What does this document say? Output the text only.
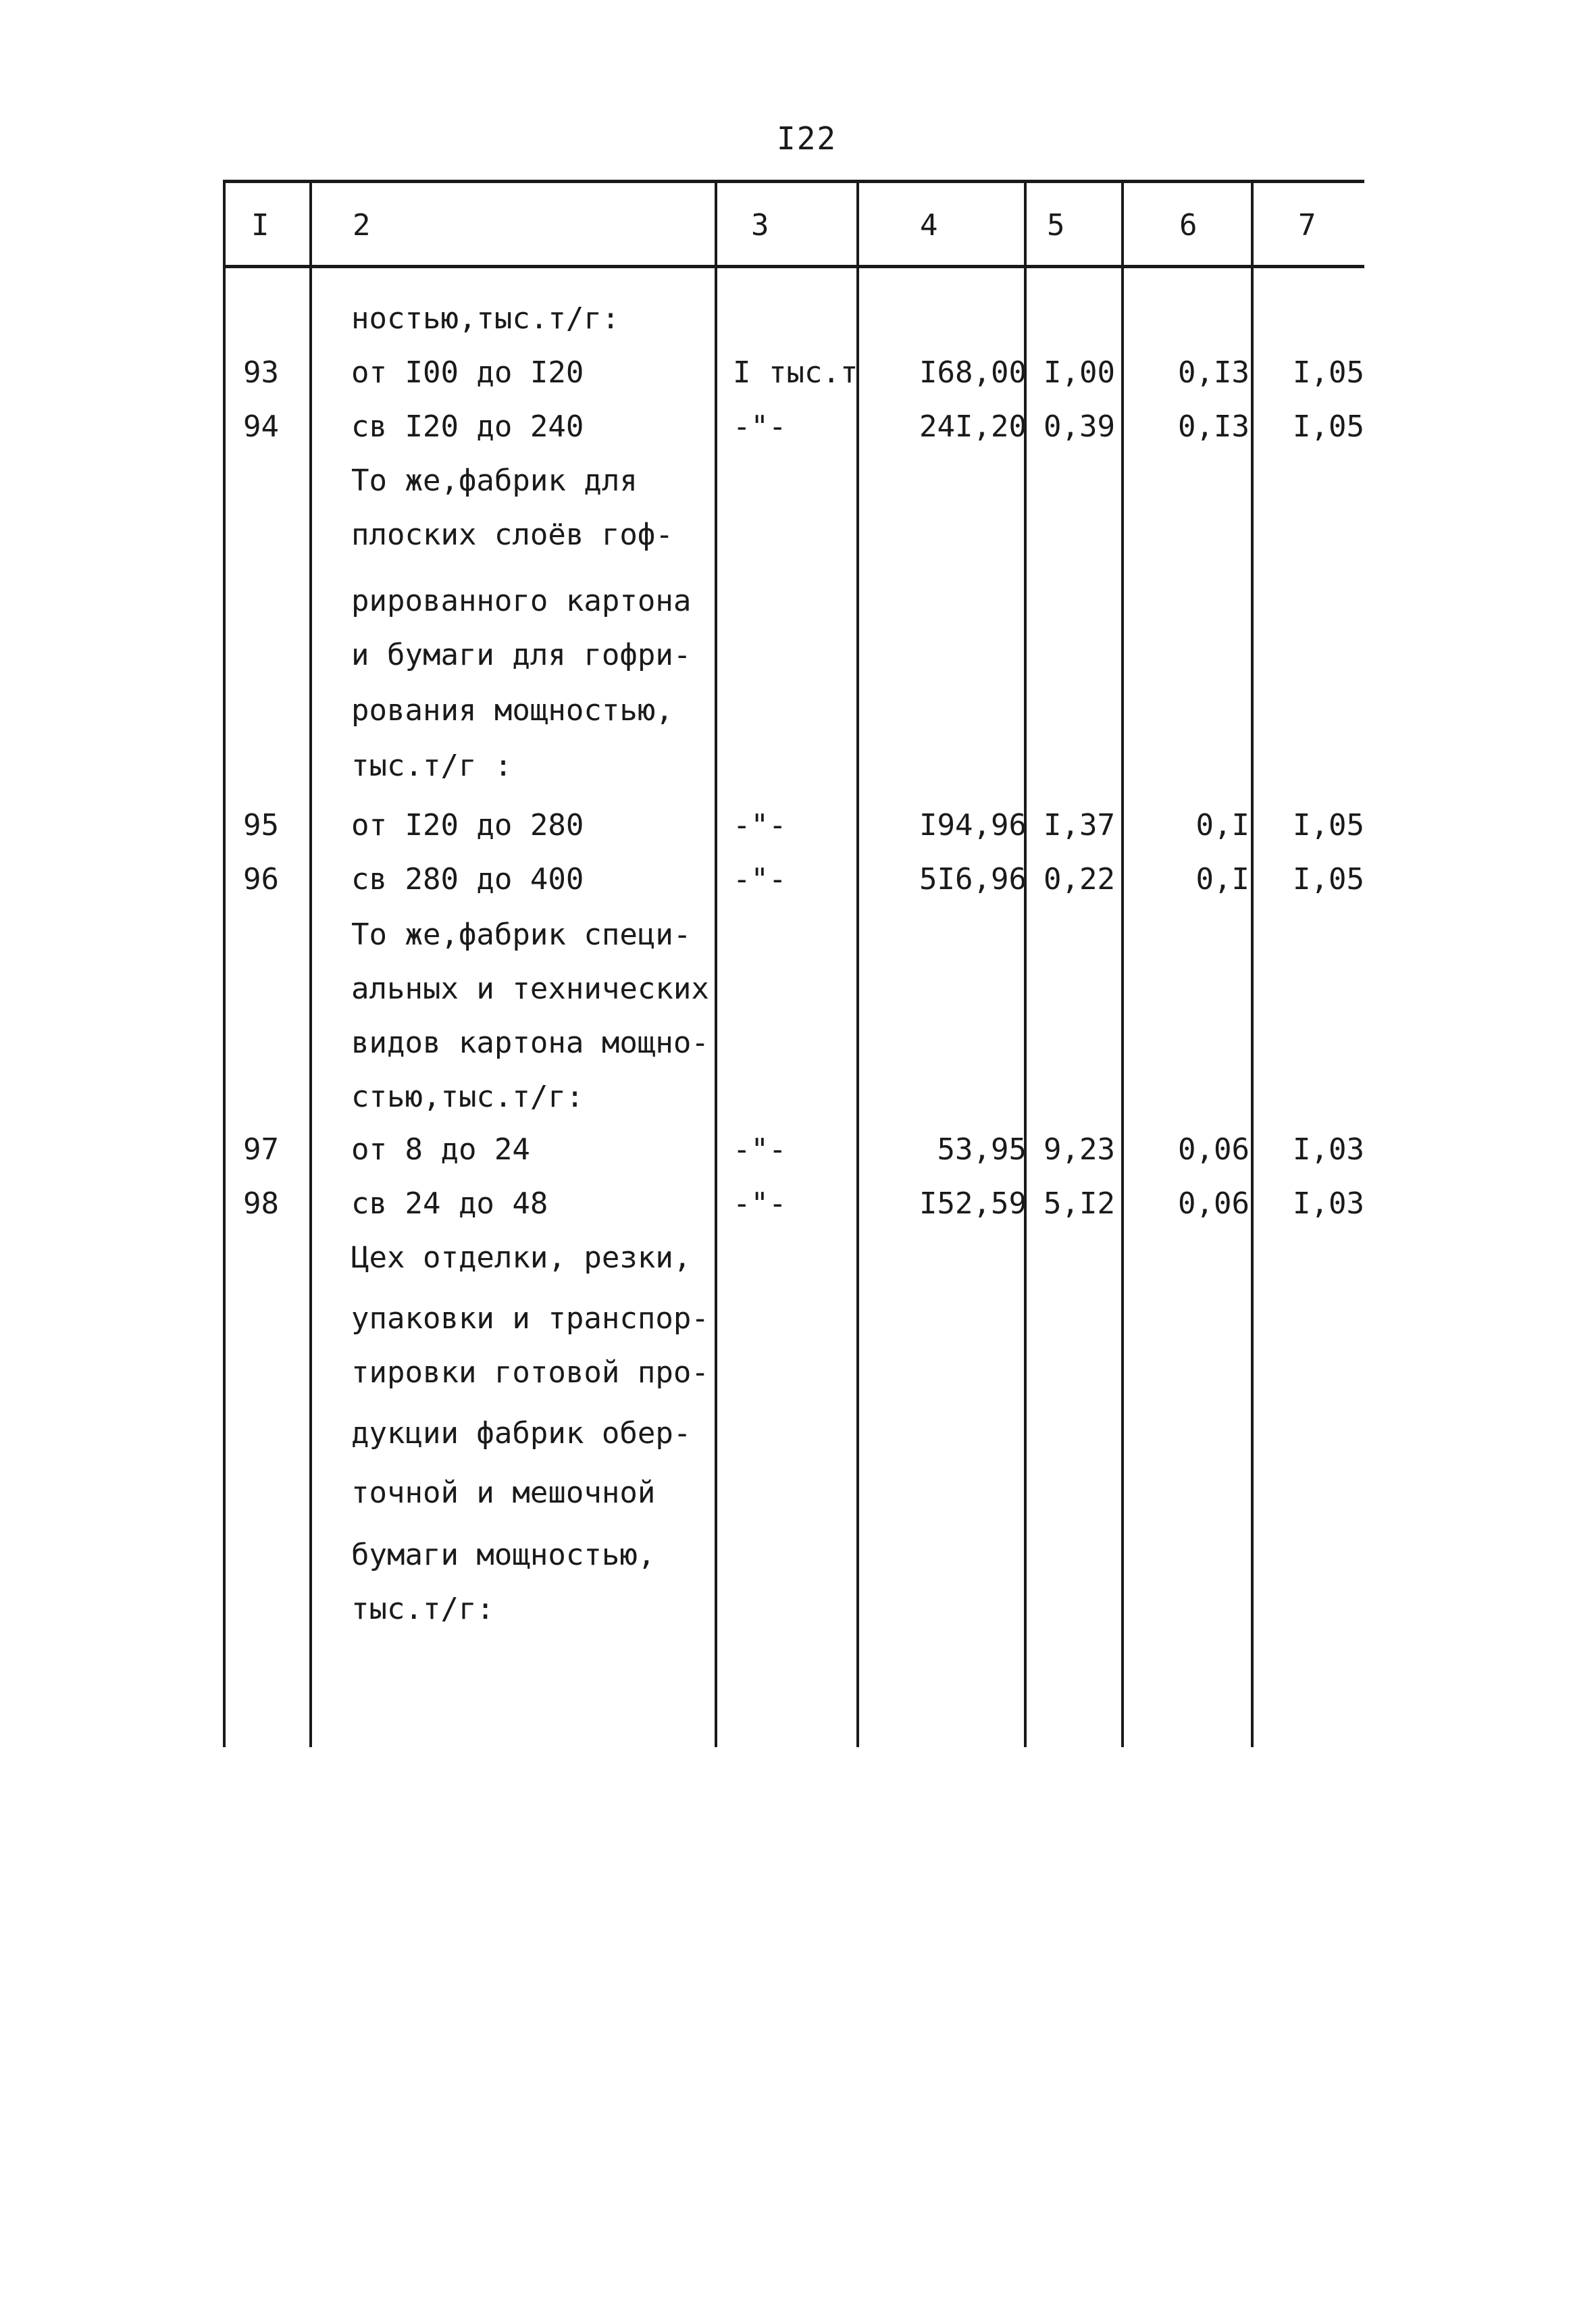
I22
I	2	3	4	5	6	7
ностью,тыс.т/г:
93 от I00 до I20	I тыс.т	I68,00 I,00	0,I3	I,05
94 св I20 до 240	-"-	24I,20 0,39	0,I3	I,05
То же,фабрик для
плоских слоёв гоф-
рированного картона
и бумаги для гофри-
рования мощностью,
тыс.т/г :
95 от I20 до 280	-"-	I94,96 I,37	0,I	I,05
96 св 280 до 400	-"-	5I6,96 0,22	0,I	I,05
То же,фабрик специ-
альных и технических
видов картона мощно-
стью,тыс.т/г:
97 от 8 до 24	-"-	53,95 9,23	0,06	I,03
98 св 24 до 48	-"-	I52,59 5,I2	0,06	I,03
Цех отделки, резки,
упаковки и транспор-
тировки готовой про-
дукции фабрик обер-
точной и мешочной
бумаги мощностью,
тыс.т/г:
